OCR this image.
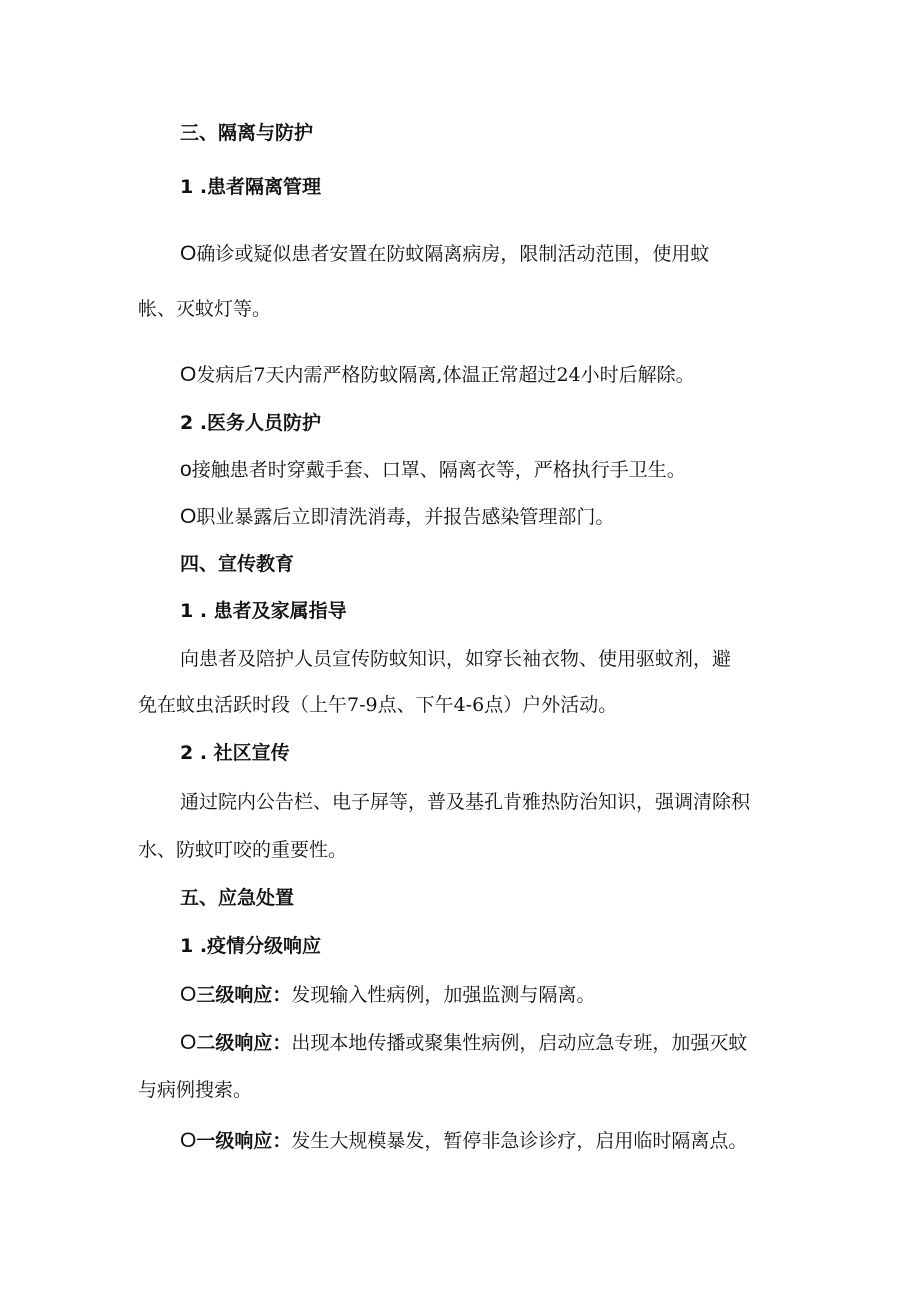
三、隔离与防护
1 .患者隔离管理
O确诊或疑似患者安置在防蚊隔离病房，限制活动范围，使用蚊
帐、灭蚊灯等。
O发病后7天内需严格防蚊隔离,体温正常超过24小时后解除。
2 .医务人员防护
o接触患者时穿戴手套、口罩、隔离衣等，严格执行手卫生。
O职业暴露后立即清洗消毒，并报告感染管理部门。
四、宣传教育
1 . 患者及家属指导
向患者及陪护人员宣传防蚊知识，如穿长袖衣物、使用驱蚊剂，避
免在蚊虫活跃时段（上午7-9点、下午4-6点）户外活动。
2 . 社区宣传
通过院内公告栏、电子屏等，普及基孔肯雅热防治知识，强调清除积
水、防蚊叮咬的重要性。
五、应急处置
1 .疫情分级响应
O三级响应：发现输入性病例，加强监测与隔离。
O二级响应：出现本地传播或聚集性病例，启动应急专班，加强灭蚊
与病例搜索。
O一级响应：发生大规模暴发，暂停非急诊诊疗，启用临时隔离点。
